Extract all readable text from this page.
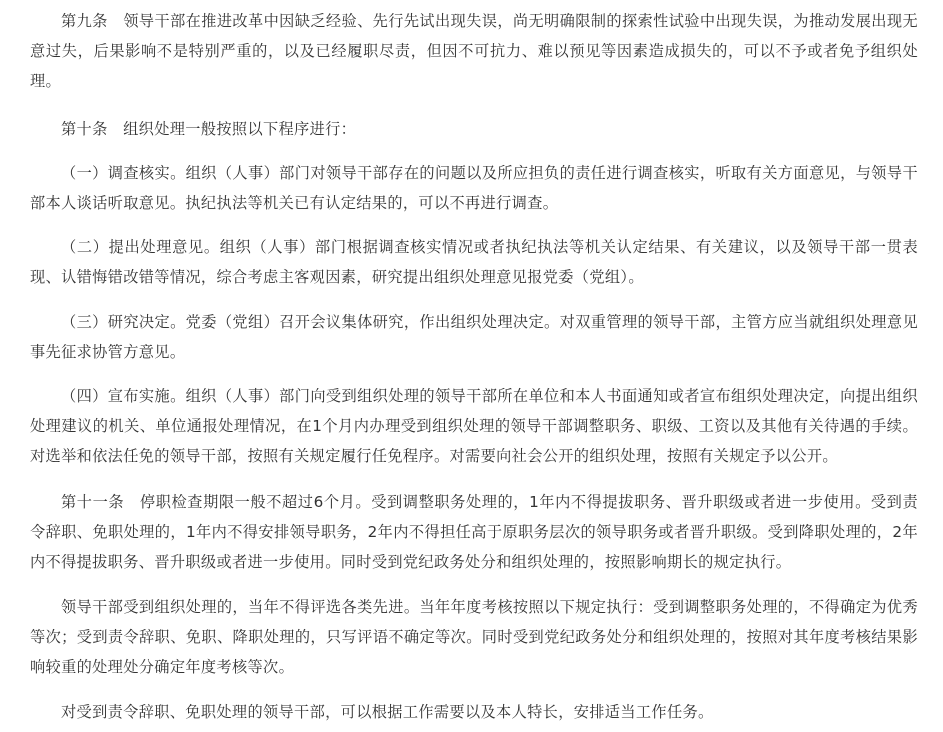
第九条　领导干部在推进改革中因缺乏经验、先行先试出现失误，尚无明确限制的探索性试验中出现失误，为推动发展出现无意过失，后果影响不是特别严重的，以及已经履职尽责，但因不可抗力、难以预见等因素造成损失的，可以不予或者免予组织处理。

第十条　组织处理一般按照以下程序进行：

（一）调查核实。组织（人事）部门对领导干部存在的问题以及所应担负的责任进行调查核实，听取有关方面意见，与领导干部本人谈话听取意见。执纪执法等机关已有认定结果的，可以不再进行调查。

（二）提出处理意见。组织（人事）部门根据调查核实情况或者执纪执法等机关认定结果、有关建议，以及领导干部一贯表现、认错悔错改错等情况，综合考虑主客观因素，研究提出组织处理意见报党委（党组）。

（三）研究决定。党委（党组）召开会议集体研究，作出组织处理决定。对双重管理的领导干部，主管方应当就组织处理意见事先征求协管方意见。

（四）宣布实施。组织（人事）部门向受到组织处理的领导干部所在单位和本人书面通知或者宣布组织处理决定，向提出组织处理建议的机关、单位通报处理情况，在1个月内办理受到组织处理的领导干部调整职务、职级、工资以及其他有关待遇的手续。对选举和依法任免的领导干部，按照有关规定履行任免程序。对需要向社会公开的组织处理，按照有关规定予以公开。

第十一条　停职检查期限一般不超过6个月。受到调整职务处理的，1年内不得提拔职务、晋升职级或者进一步使用。受到责令辞职、免职处理的，1年内不得安排领导职务，2年内不得担任高于原职务层次的领导职务或者晋升职级。受到降职处理的，2年内不得提拔职务、晋升职级或者进一步使用。同时受到党纪政务处分和组织处理的，按照影响期长的规定执行。

领导干部受到组织处理的，当年不得评选各类先进。当年年度考核按照以下规定执行：受到调整职务处理的，不得确定为优秀等次；受到责令辞职、免职、降职处理的，只写评语不确定等次。同时受到党纪政务处分和组织处理的，按照对其年度考核结果影响较重的处理处分确定年度考核等次。

对受到责令辞职、免职处理的领导干部，可以根据工作需要以及本人特长，安排适当工作任务。
